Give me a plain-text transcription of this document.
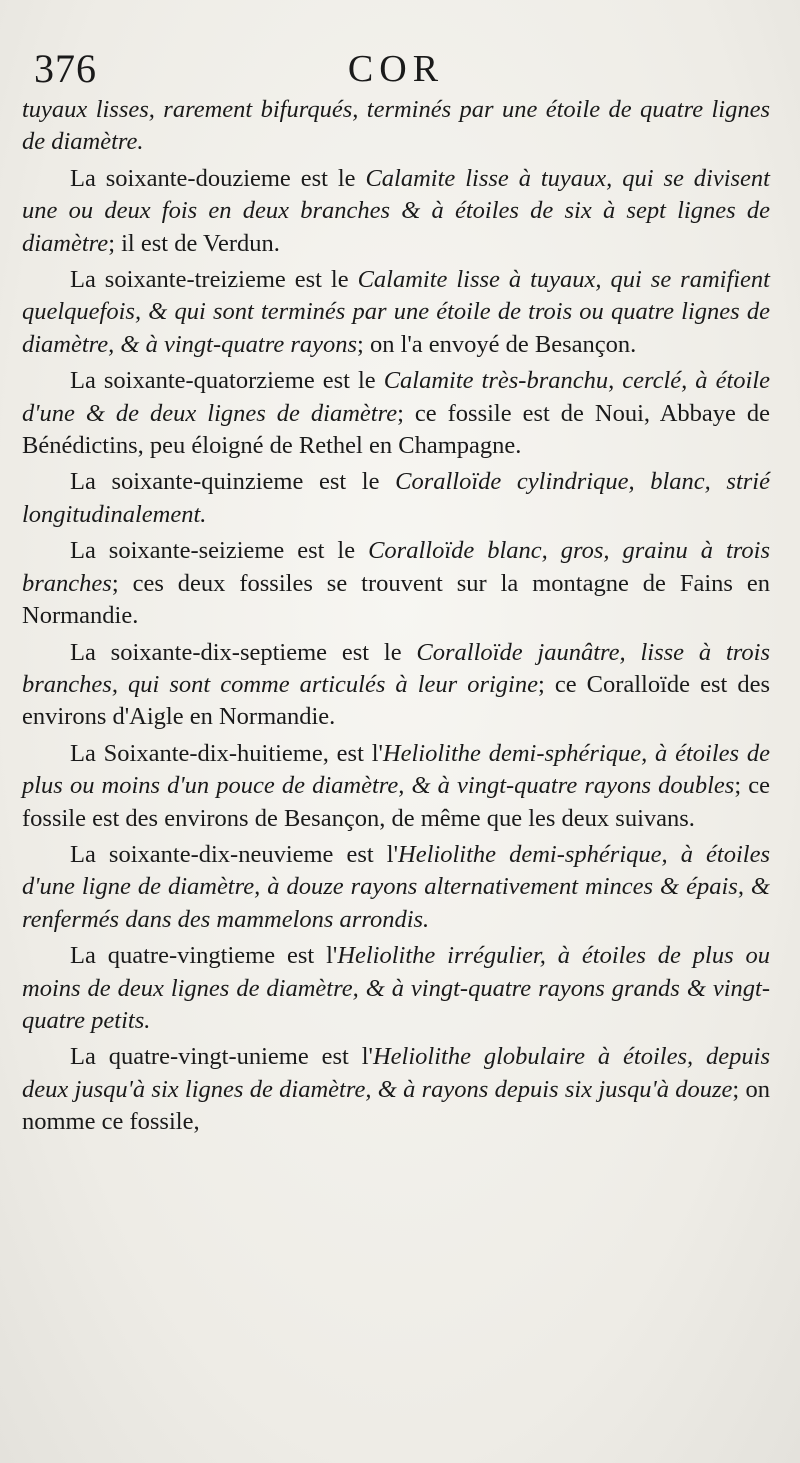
376	COR

tuyaux lisses, rarement bifurqués, terminés par une étoile de quatre lignes de diamètre.

La soixante-douzieme est le Calamite lisse à tuyaux, qui se divisent une ou deux fois en deux branches & à étoiles de six à sept lignes de diamètre; il est de Verdun.

La soixante-treizieme est le Calamite lisse à tuyaux, qui se ramifient quelquefois, & qui sont terminés par une étoile de trois ou quatre lignes de diamètre, & à vingt-quatre rayons; on l'a envoyé de Besançon.

La soixante-quatorzieme est le Calamite très-branchu, cerclé, à étoile d'une & de deux lignes de diamètre; ce fossile est de Noui, Abbaye de Bénédictins, peu éloigné de Rethel en Champagne.

La soixante-quinzieme est le Coralloïde cylindrique, blanc, strié longitudinalement.

La soixante-seizieme est le Coralloïde blanc, gros, grainu à trois branches; ces deux fossiles se trouvent sur la montagne de Fains en Normandie.

La soixante-dix-septieme est le Coralloïde jaunâtre, lisse à trois branches, qui sont comme articulés à leur origine; ce Coralloïde est des environs d'Aigle en Normandie.

La Soixante-dix-huitieme, est l'Heliolithe demi-sphérique, à étoiles de plus ou moins d'un pouce de diamètre, & à vingt-quatre rayons doubles; ce fossile est des environs de Besançon, de même que les deux suivans.

La soixante-dix-neuvieme est l'Heliolithe demi-sphérique, à étoiles d'une ligne de diamètre, à douze rayons alternativement minces & épais, & renfermés dans des mammelons arrondis.

La quatre-vingtieme est l'Heliolithe irrégulier, à étoiles de plus ou moins de deux lignes de diamètre, & à vingt-quatre rayons grands & vingt-quatre petits.

La quatre-vingt-unieme est l'Heliolithe globulaire à étoiles, depuis deux jusqu'à six lignes de diamètre, & à rayons depuis six jusqu'à douze; on nomme ce fossile,
